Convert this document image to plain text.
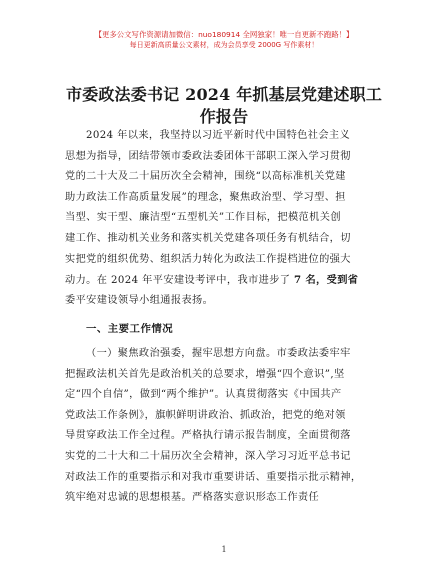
【更多公文写作资源请加微信：nuo180914 全网独家！唯一自更新不跑路！】
每日更新高质量公文素材，成为会员享受 2000G 写作素材！
市委政法委书记 2024 年抓基层党建述职工作报告
2024 年以来，我坚持以习近平新时代中国特色社会主义
思想为指导，团结带领市委政法委团体干部职工深入学习贯彻
党的二十大及二十届历次全会精神，围绕“以高标准机关党建
助力政法工作高质量发展”的理念，聚焦政治型、学习型、担
当型、实干型、廉洁型“五型机关”工作目标，把模范机关创
建工作、推动机关业务和落实机关党建各项任务有机结合，切
实把党的组织优势、组织活力转化为政法工作提档进位的强大
动力。在 2024 年平安建设考评中，我市进步了 7 名，受到省
委平安建设领导小组通报表扬。
一、主要工作情况
（一）聚焦政治强委，握牢思想方向盘。市委政法委牢牢
把握政法机关首先是政治机关的总要求，增强“四个意识”,坚
定“四个自信”，做到“两个维护”。认真贯彻落实《中国共产
党政法工作条例》，旗帜鲜明讲政治、抓政治，把党的绝对领
导贯穿政法工作全过程。严格执行请示报告制度，全面贯彻落
实党的二十大和二十届历次全会精神，深入学习习近平总书记
对政法工作的重要指示和对我市重要讲话、重要指示批示精神，
筑牢绝对忠诚的思想根基。严格落实意识形态工作责任
1
